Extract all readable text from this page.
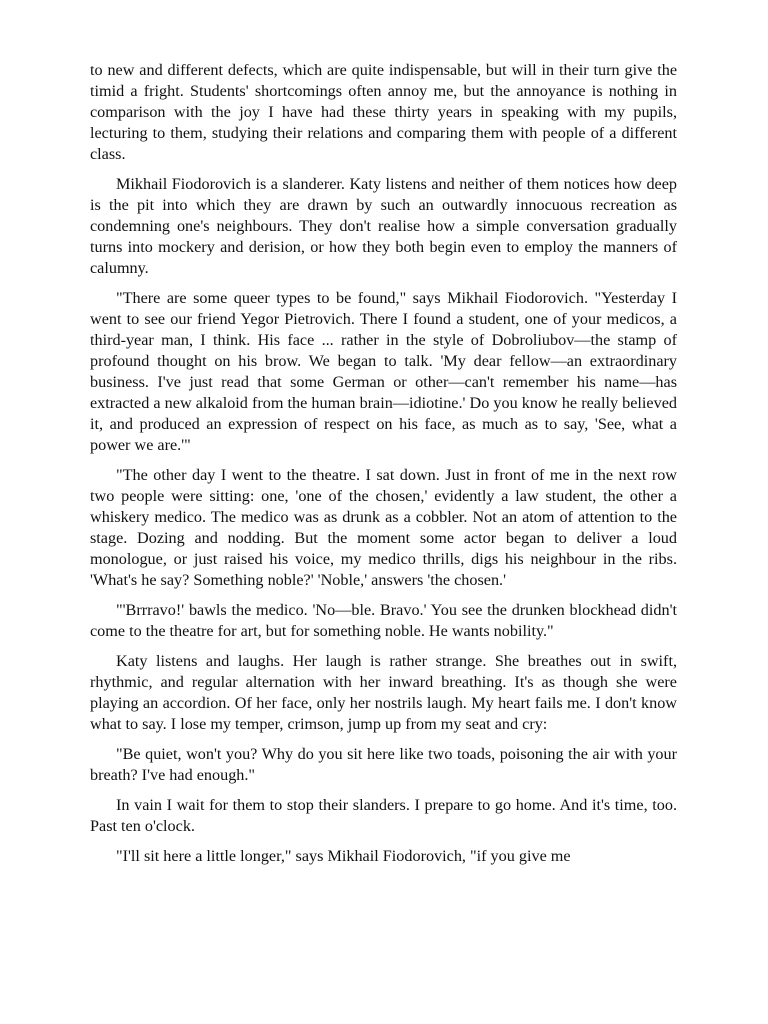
to new and different defects, which are quite indispensable, but will in their turn give the timid a fright. Students' shortcomings often annoy me, but the annoyance is nothing in comparison with the joy I have had these thirty years in speaking with my pupils, lecturing to them, studying their relations and comparing them with people of a different class.

Mikhail Fiodorovich is a slanderer. Katy listens and neither of them notices how deep is the pit into which they are drawn by such an outwardly innocuous recreation as condemning one's neighbours. They don't realise how a simple conversation gradually turns into mockery and derision, or how they both begin even to employ the manners of calumny.

"There are some queer types to be found," says Mikhail Fiodorovich. "Yesterday I went to see our friend Yegor Pietrovich. There I found a student, one of your medicos, a third-year man, I think. His face ... rather in the style of Dobroliubov—the stamp of profound thought on his brow. We began to talk. 'My dear fellow—an extraordinary business. I've just read that some German or other—can't remember his name—has extracted a new alkaloid from the human brain—idiotine.' Do you know he really believed it, and produced an expression of respect on his face, as much as to say, 'See, what a power we are.'"

"The other day I went to the theatre. I sat down. Just in front of me in the next row two people were sitting: one, 'one of the chosen,' evidently a law student, the other a whiskery medico. The medico was as drunk as a cobbler. Not an atom of attention to the stage. Dozing and nodding. But the moment some actor began to deliver a loud monologue, or just raised his voice, my medico thrills, digs his neighbour in the ribs. 'What's he say? Something noble?' 'Noble,' answers 'the chosen.'

"'Brrravo!' bawls the medico. 'No—ble. Bravo.' You see the drunken blockhead didn't come to the theatre for art, but for something noble. He wants nobility."

Katy listens and laughs. Her laugh is rather strange. She breathes out in swift, rhythmic, and regular alternation with her inward breathing. It's as though she were playing an accordion. Of her face, only her nostrils laugh. My heart fails me. I don't know what to say. I lose my temper, crimson, jump up from my seat and cry:

"Be quiet, won't you? Why do you sit here like two toads, poisoning the air with your breath? I've had enough."

In vain I wait for them to stop their slanders. I prepare to go home. And it's time, too. Past ten o'clock.

"I'll sit here a little longer," says Mikhail Fiodorovich, "if you give me
